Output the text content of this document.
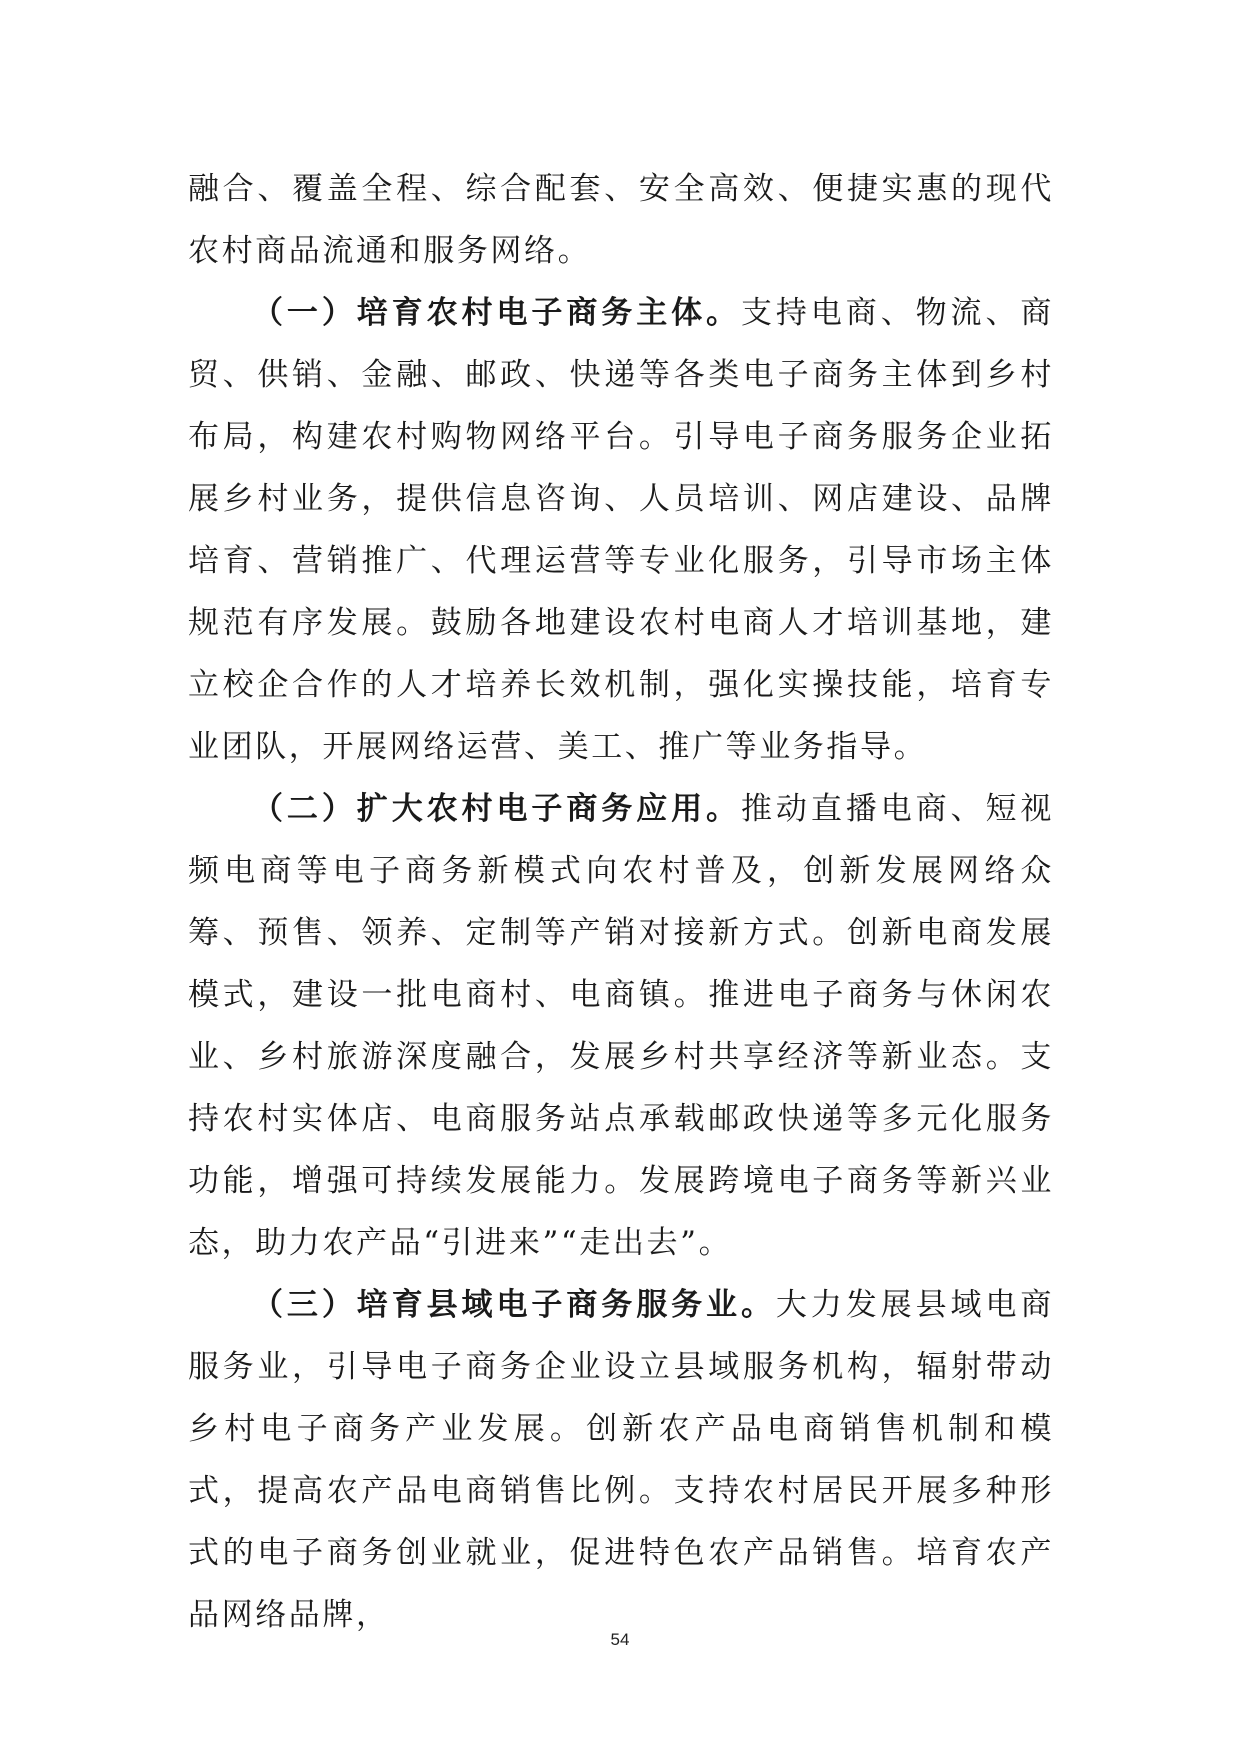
融合、覆盖全程、综合配套、安全高效、便捷实惠的现代农村商品流通和服务网络。

（一）培育农村电子商务主体。支持电商、物流、商贸、供销、金融、邮政、快递等各类电子商务主体到乡村布局，构建农村购物网络平台。引导电子商务服务企业拓展乡村业务，提供信息咨询、人员培训、网店建设、品牌培育、营销推广、代理运营等专业化服务，引导市场主体规范有序发展。鼓励各地建设农村电商人才培训基地，建立校企合作的人才培养长效机制，强化实操技能，培育专业团队，开展网络运营、美工、推广等业务指导。

（二）扩大农村电子商务应用。推动直播电商、短视频电商等电子商务新模式向农村普及，创新发展网络众筹、预售、领养、定制等产销对接新方式。创新电商发展模式，建设一批电商村、电商镇。推进电子商务与休闲农业、乡村旅游深度融合，发展乡村共享经济等新业态。支持农村实体店、电商服务站点承载邮政快递等多元化服务功能，增强可持续发展能力。发展跨境电子商务等新兴业态，助力农产品“引进来”“走出去”。

（三）培育县域电子商务服务业。大力发展县域电商服务业，引导电子商务企业设立县域服务机构，辐射带动乡村电子商务产业发展。创新农产品电商销售机制和模式，提高农产品电商销售比例。支持农村居民开展多种形式的电子商务创业就业，促进特色农产品销售。培育农产品网络品牌，

54
